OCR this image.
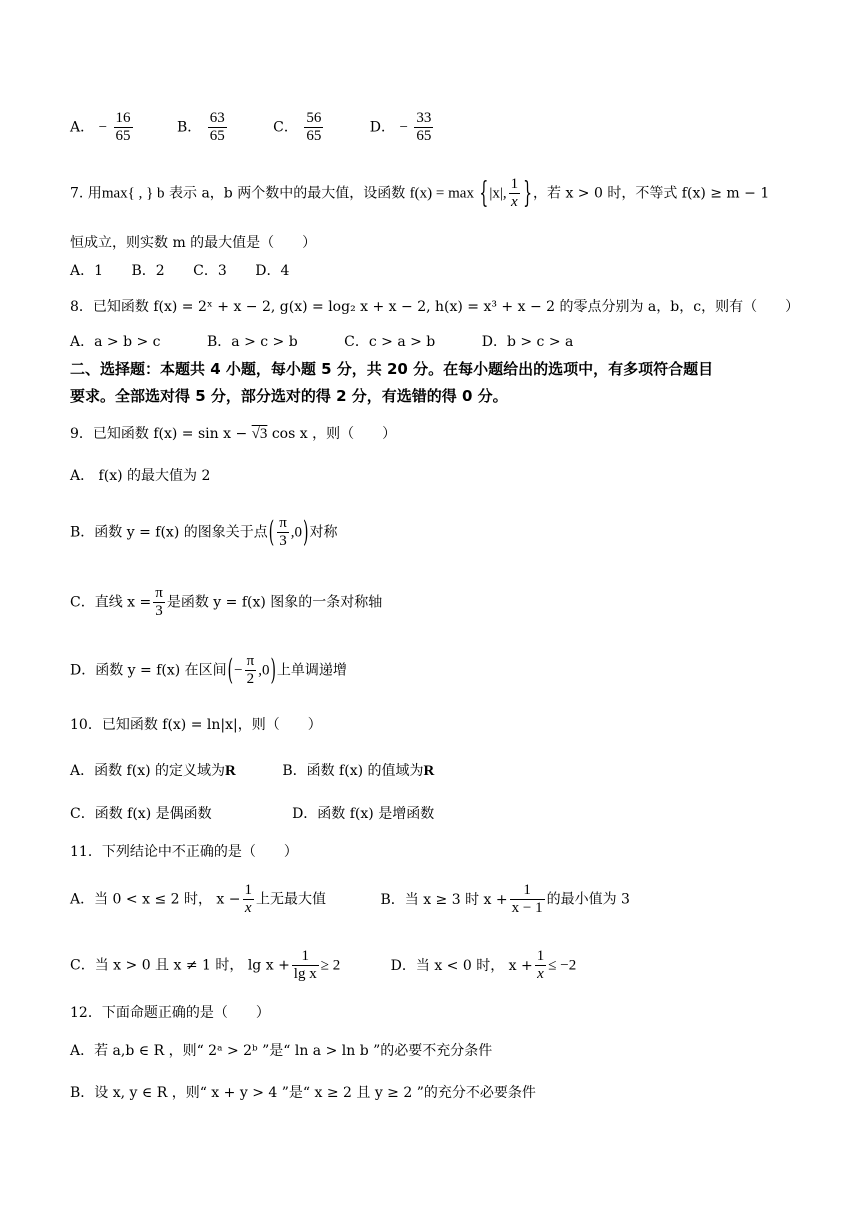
A． − $\frac{16}{65}$	B． $\frac{63}{65}$	C． $\frac{56}{65}$	D． − $\frac{33}{65}$
7. 用max{ , } b 表示 a，b 两个数中的最大值，设函数 f(x) = max {|x|, $\frac{1}{x}$ }，若 x > 0 时，不等式 f(x) ≥ m − 1
恒成立，则实数 m 的最大值是（　　）
A．1 B．2 C．3 D．4
8．已知函数 f(x) = 2ˣ + x − 2, g(x) = log₂ x + x − 2, h(x) = x³ + x − 2 的零点分别为 a，b，c，则有（　　）
A．a > b > c	B．a > c > b	C．c > a > b	D．b > c > a
二、选择题：本题共 4 小题，每小题 5 分，共 20 分。在每小题给出的选项中，有多项符合题目
要求。全部选对得 5 分，部分选对的得 2 分，有选错的得 0 分。
9．已知函数 f(x) = sin x − √3 cos x ，则（　　）
A． f(x) 的最大值为 2
B．函数 y = f(x) 的图象关于点( $\frac{\pi}{3} ,0$)对称
C．直线 $x = \frac{\pi}{3}$ 是函数 y = f(x) 图象的一条对称轴
D．函数 y = f(x) 在区间(− $\frac{\pi}{2} ,0$)上单调递增
10．已知函数 f(x) = ln|x|，则（　　）
A．函数 f(x) 的定义域为R	B．函数 f(x) 的值域为R
C．函数 f(x) 是偶函数	D．函数 f(x) 是增函数
11．下列结论中不正确的是（　　）
A．当 0 < x ≤ 2 时， $x - \frac{1}{x}$ 上无最大值	B．当 x ≥ 3 时 $x + \frac{1}{x - 1}$ 的最小值为 3
C．当 x > 0 且 x ≠ 1 时， $\lg x + \frac{1}{\text{lg x}} \ge 2$	D．当 x < 0 时， $x + \frac{1}{x} \le -2$
12．下面命题正确的是（　　）
A．若 a,b ∈ R ，则“ 2ᵃ > 2ᵇ ”是“ ln a > ln b ”的必要不充分条件
B．设 x, y ∈ R ，则“ x + y > 4 ”是“ x ≥ 2 且 y ≥ 2 ”的充分不必要条件
